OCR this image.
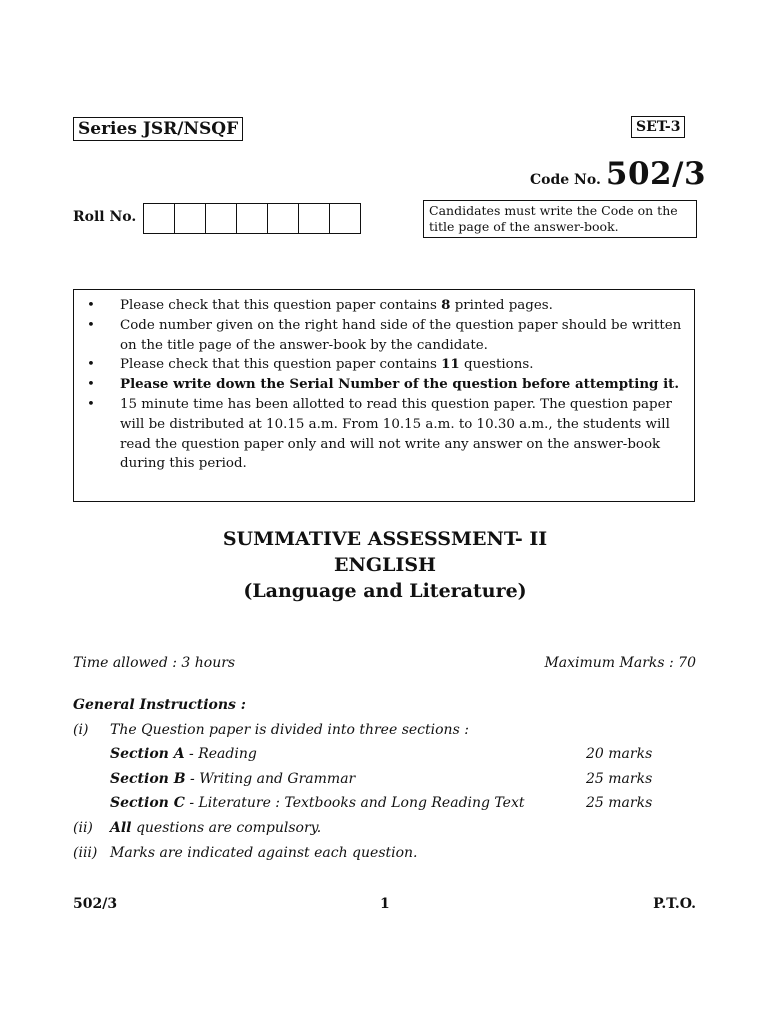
Series JSR/NSQF	SET-3
Code No. 502/3
Roll No.	Candidates must write the Code on the title page of the answer-book.
•	Please check that this question paper contains 8 printed pages.
•	Code number given on the right hand side of the question paper should be written on the title page of the answer-book by the candidate.
•	Please check that this question paper contains 11 questions.
•	Please write down the Serial Number of the question before attempting it.
•	15 minute time has been allotted to read this question paper. The question paper will be distributed at 10.15 a.m. From 10.15 a.m. to 10.30 a.m., the students will read the question paper only and will not write any answer on the answer-book during this period.
SUMMATIVE ASSESSMENT- II
ENGLISH
(Language and Literature)
Time allowed : 3 hours	Maximum Marks : 70
General Instructions :
(i) The Question paper is divided into three sections :
Section A - Reading	20 marks
Section B - Writing and Grammar	25 marks
Section C - Literature : Textbooks and Long Reading Text	25 marks
(ii) All questions are compulsory.
(iii) Marks are indicated against each question.
502/3	1	P.T.O.
